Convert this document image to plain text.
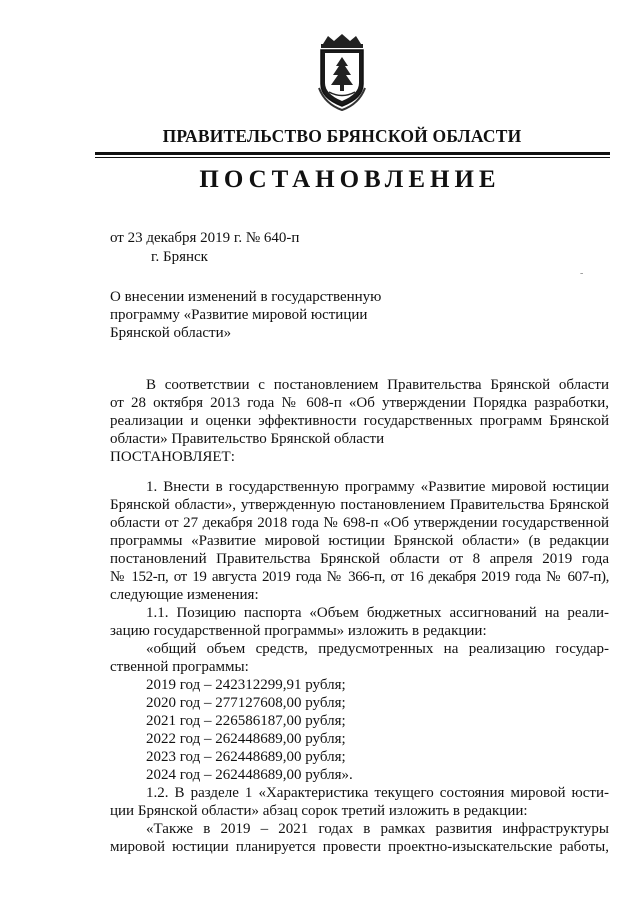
ПРАВИТЕЛЬСТВО БРЯНСКОЙ ОБЛАСТИ
ПОСТАНОВЛЕНИЕ
от 23 декабря 2019 г. № 640-п
г. Брянск
-
О внесении изменений в государственную
программу «Развитие мировой юстиции
Брянской области»
В соответствии с постановлением Правительства Брянской области
от 28 октября 2013 года № 608-п «Об утверждении Порядка разработки,
реализации и оценки эффективности государственных программ Брянской
области» Правительство Брянской области
ПОСТАНОВЛЯЕТ:
1. Внести в государственную программу «Развитие мировой юстиции
Брянской области», утвержденную постановлением Правительства Брянской
области от 27 декабря 2018 года № 698-п «Об утверждении государственной
программы «Развитие мировой юстиции Брянской области» (в редакции
постановлений Правительства Брянской области от 8 апреля 2019 года
№ 152-п, от 19 августа 2019 года № 366-п, от 16 декабря 2019 года № 607-п),
следующие изменения:
1.1. Позицию паспорта «Объем бюджетных ассигнований на реали-
зацию государственной программы» изложить в редакции:
«общий объем средств, предусмотренных на реализацию государ-
ственной программы:
2019 год – 242312299,91 рубля;
2020 год – 277127608,00 рубля;
2021 год – 226586187,00 рубля;
2022 год – 262448689,00 рубля;
2023 год – 262448689,00 рубля;
2024 год – 262448689,00 рубля».
1.2. В разделе 1 «Характеристика текущего состояния мировой юсти-
ции Брянской области» абзац сорок третий изложить в редакции:
«Также в 2019 – 2021 годах в рамках развития инфраструктуры
мировой юстиции планируется провести проектно-изыскательские работы,
